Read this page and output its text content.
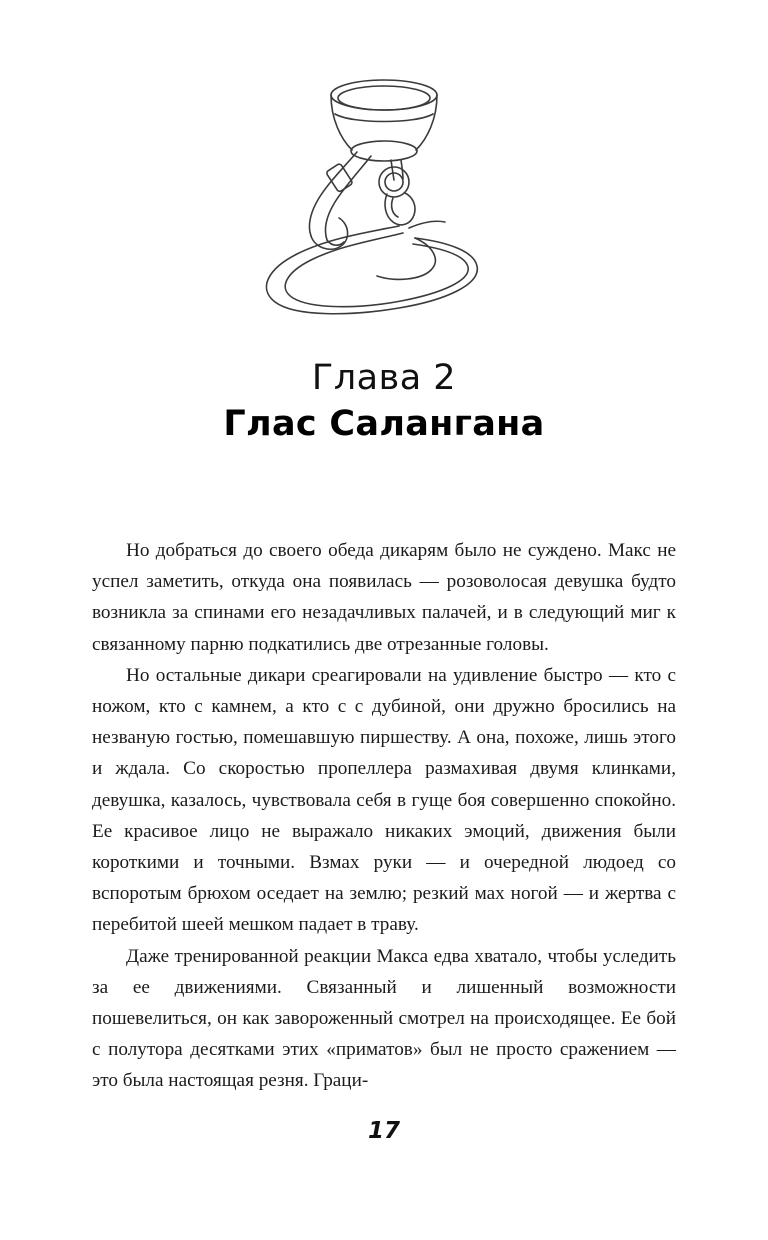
Глава 2
Глас Салангана

Но добраться до своего обеда дикарям было не суждено. Макс не успел заметить, откуда она появилась — розоволосая девушка будто возникла за спинами его незадачливых палачей, и в следующий миг к связанному парню подкатились две отрезанные головы.

Но остальные дикари среагировали на удивление быстро — кто с ножом, кто с камнем, а кто с с дубиной, они дружно бросились на незваную гостью, помешавшую пиршеству. А она, похоже, лишь этого и ждала. Со скоростью пропеллера размахивая двумя клинками, девушка, казалось, чувствовала себя в гуще боя совершенно спокойно. Ее красивое лицо не выражало никаких эмоций, движения были короткими и точными. Взмах руки — и очередной людоед со вспоротым брюхом оседает на землю; резкий мах ногой — и жертва с перебитой шеей мешком падает в траву.

Даже тренированной реакции Макса едва хватало, чтобы уследить за ее движениями. Связанный и лишенный возможности пошевелиться, он как завороженный смотрел на происходящее. Ее бой с полутора десятками этих «приматов» был не просто сражением — это была настоящая резня. Граци-

17
